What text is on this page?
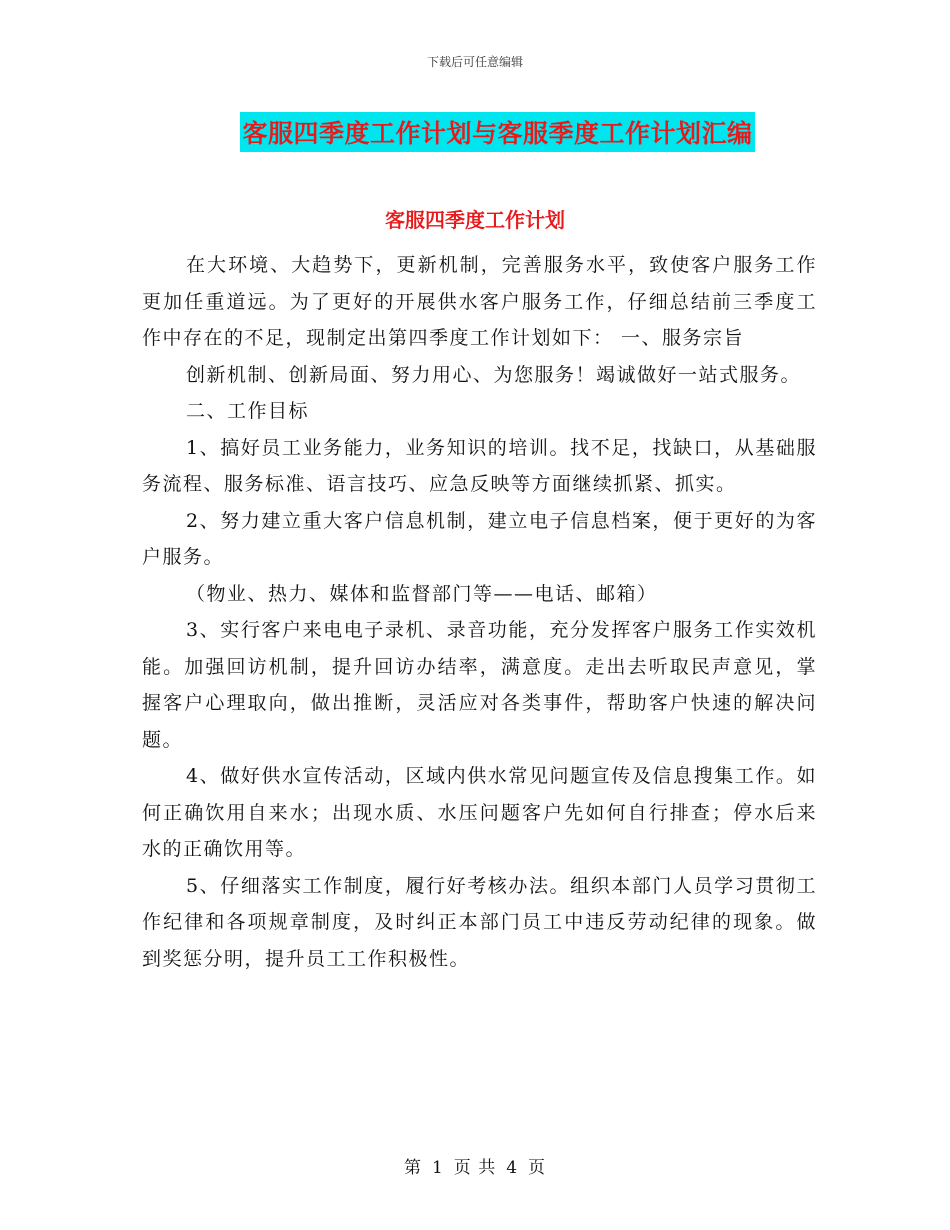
下载后可任意编辑
客服四季度工作计划与客服季度工作计划汇编
客服四季度工作计划

在大环境、大趋势下，更新机制，完善服务水平，致使客户服务工作更加任重道远。为了更好的开展供水客户服务工作，仔细总结前三季度工作中存在的不足，现制定出第四季度工作计划如下： 一、服务宗旨

创新机制、创新局面、努力用心、为您服务！竭诚做好一站式服务。

二、工作目标

1、搞好员工业务能力，业务知识的培训。找不足，找缺口，从基础服务流程、服务标准、语言技巧、应急反映等方面继续抓紧、抓实。

2、努力建立重大客户信息机制，建立电子信息档案，便于更好的为客户服务。

（物业、热力、媒体和监督部门等——电话、邮箱）

3、实行客户来电电子录机、录音功能，充分发挥客户服务工作实效机能。加强回访机制，提升回访办结率，满意度。走出去听取民声意见，掌握客户心理取向，做出推断，灵活应对各类事件，帮助客户快速的解决问题。

4、做好供水宣传活动，区域内供水常见问题宣传及信息搜集工作。如何正确饮用自来水；出现水质、水压问题客户先如何自行排查；停水后来水的正确饮用等。

5、仔细落实工作制度，履行好考核办法。组织本部门人员学习贯彻工作纪律和各项规章制度，及时纠正本部门员工中违反劳动纪律的现象。做到奖惩分明，提升员工工作积极性。

第 1 页 共 4 页
